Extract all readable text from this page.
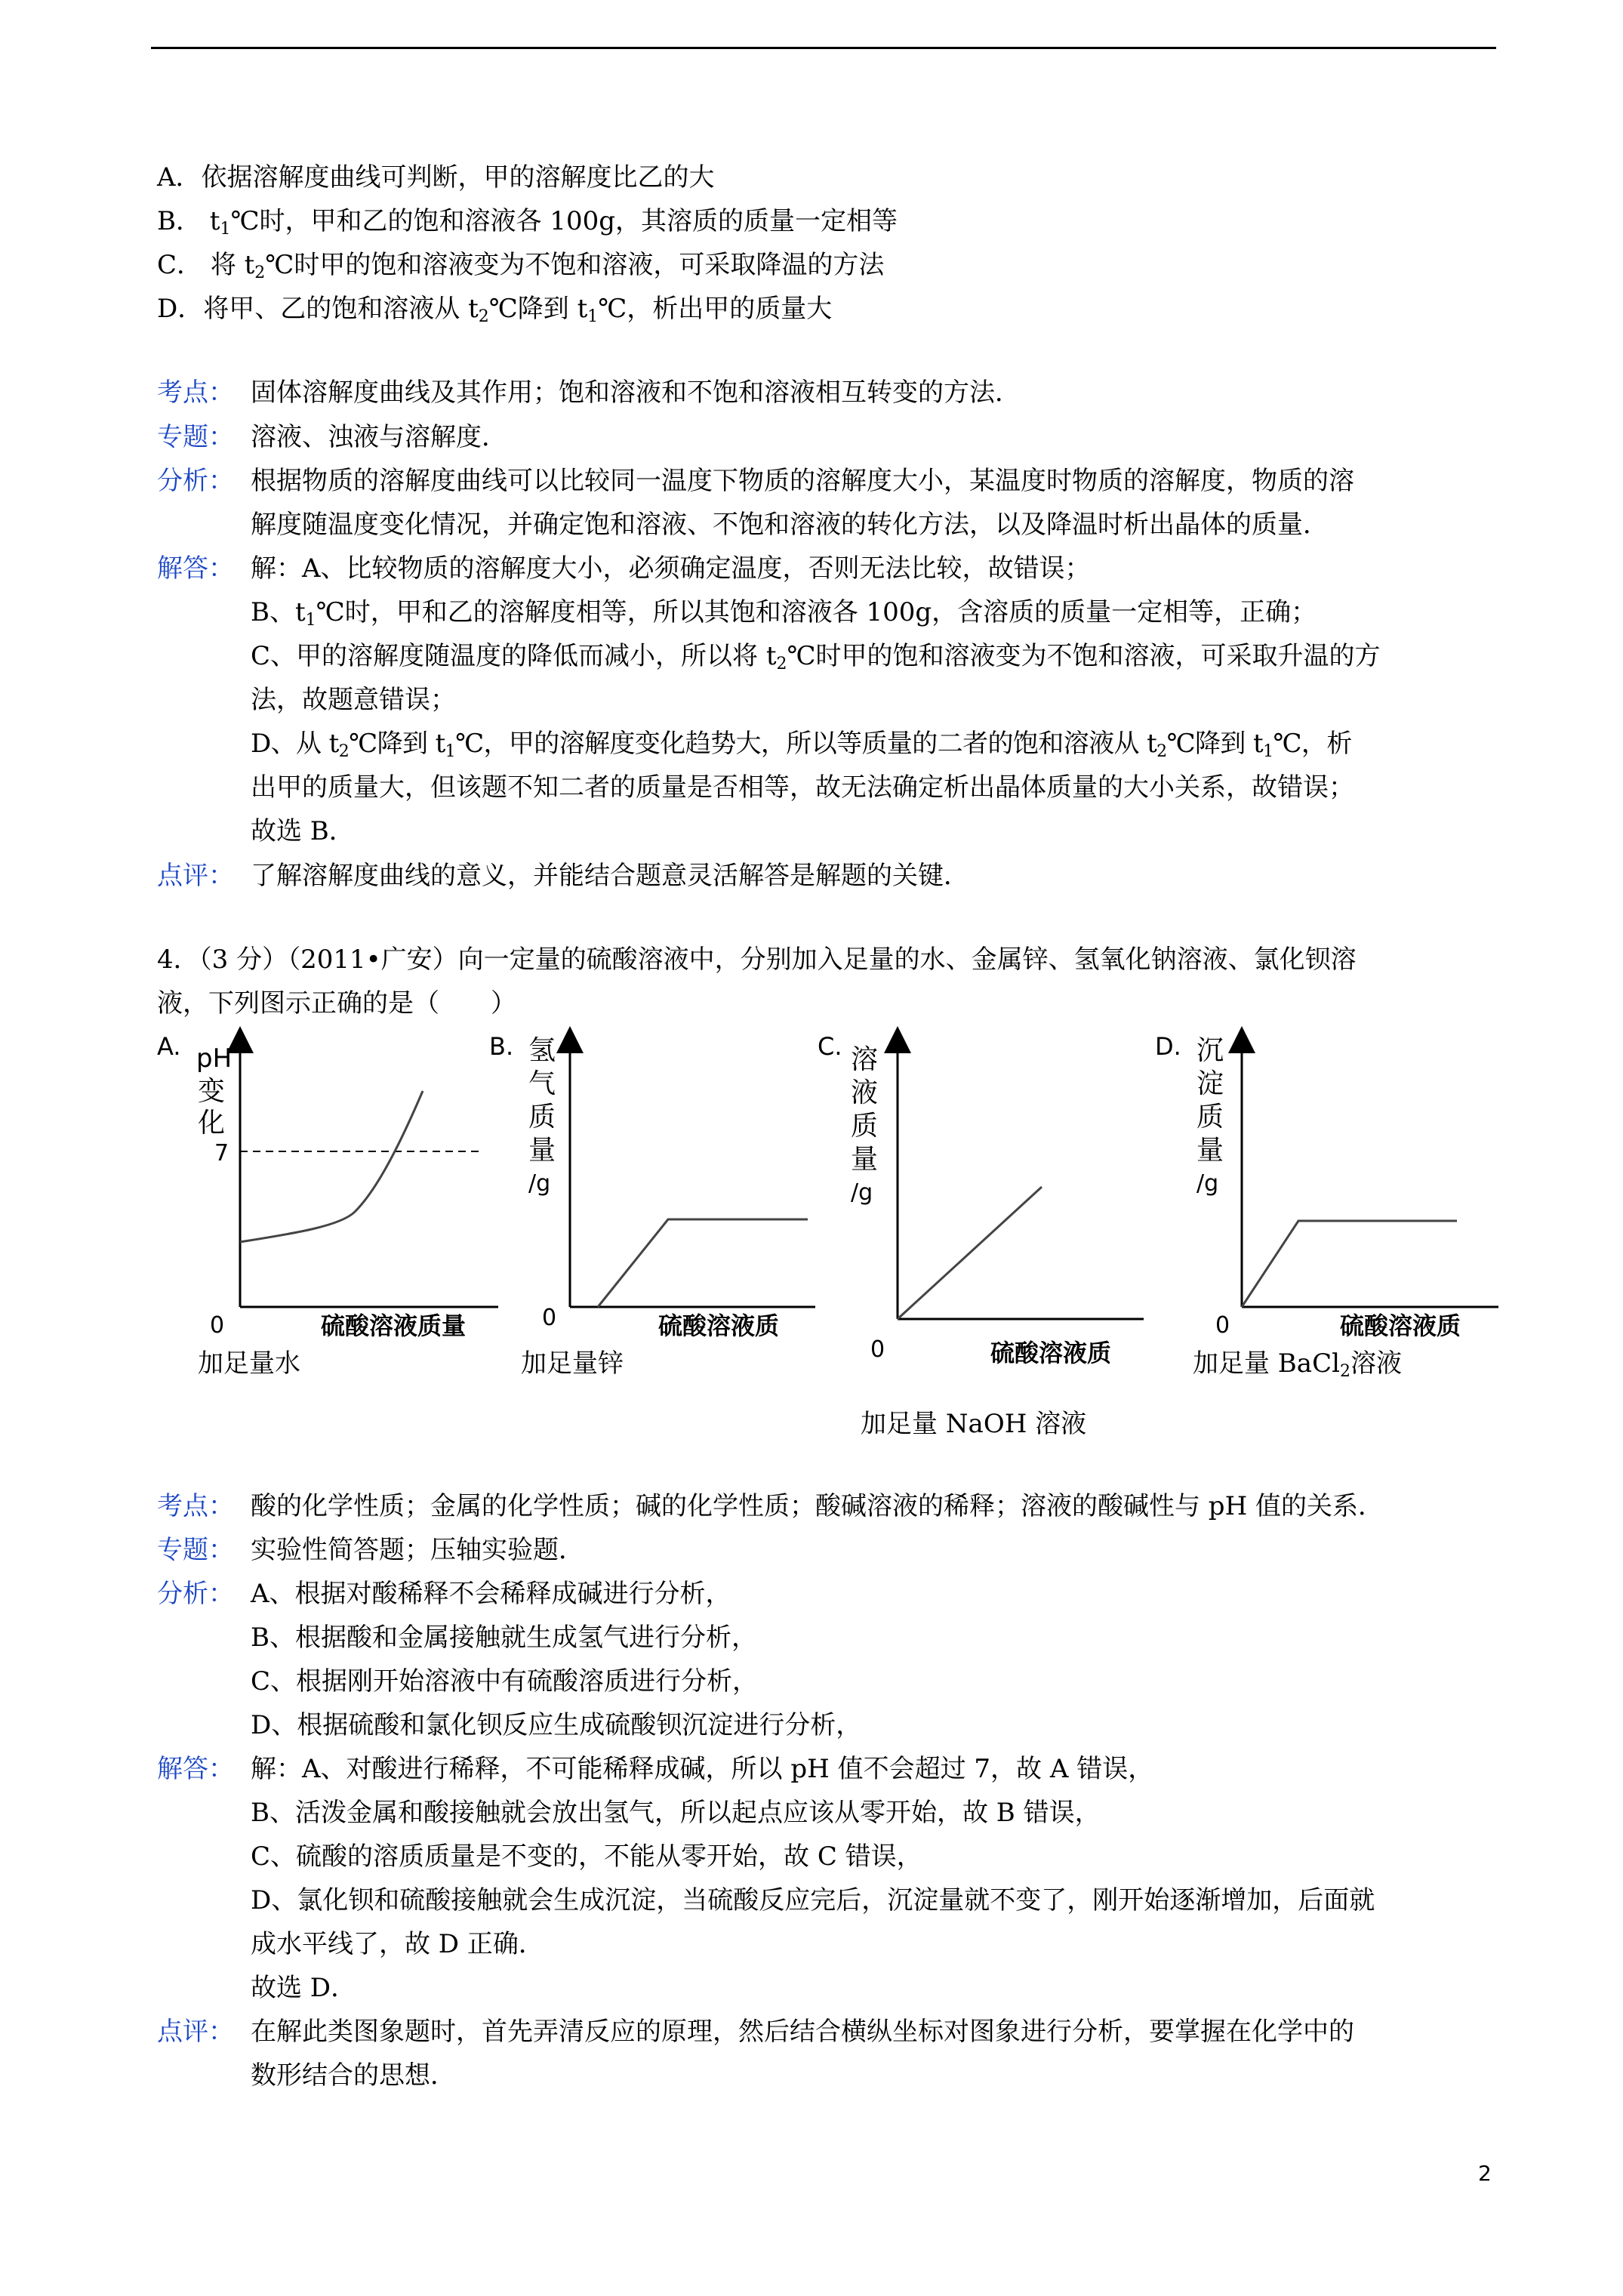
A．依据溶解度曲线可判断，甲的溶解度比乙的大
B． $t_1℃$时，甲和乙的饱和溶液各 100g，其溶质的质量一定相等
C． 将 $t_2℃$时甲的饱和溶液变为不饱和溶液，可采取降温的方法
D．将甲、乙的饱和溶液从 $t_2℃$降到 $t_1℃$，析出甲的质量大
考点： 固体溶解度曲线及其作用；饱和溶液和不饱和溶液相互转变的方法．
专题： 溶液、浊液与溶解度．
分析： 根据物质的溶解度曲线可以比较同一温度下物质的溶解度大小，某温度时物质的溶解度，物质的溶
解度随温度变化情况，并确定饱和溶液、不饱和溶液的转化方法，以及降温时析出晶体的质量．
解答： 解：A、比较物质的溶解度大小，必须确定温度，否则无法比较，故错误；
B、$t_1℃$时，甲和乙的溶解度相等，所以其饱和溶液各 100g，含溶质的质量一定相等，正确；
C、甲的溶解度随温度的降低而减小，所以将 $t_2℃$时甲的饱和溶液变为不饱和溶液，可采取升温的方
法，故题意错误；
D、从 $t_2℃$降到 $t_1℃$，甲的溶解度变化趋势大，所以等质量的二者的饱和溶液从 $t_2℃$降到 $t_1℃$，析
出甲的质量大，但该题不知二者的质量是否相等，故无法确定析出晶体质量的大小关系，故错误；
故选 B．
点评： 了解溶解度曲线的意义，并能结合题意灵活解答是解题的关键．
4．（3 分）（2011•广安）向一定量的硫酸溶液中，分别加入足量的水、金属锌、氢氧化钠溶液、氯化钡溶
液，下列图示正确的是（　　）
A. pH
变
化
7
0	硫酸溶液质量
加足量水
B. 氢
气
质
量
/g
0	硫酸溶液质
加足量锌
C. 溶
液
质
量
/g
0	硫酸溶液质
加足量 NaOH 溶液
D. 沉
淀
质
量
/g
0	硫酸溶液质
加足量 BaCl$_2$溶液
考点： 酸的化学性质；金属的化学性质；碱的化学性质；酸碱溶液的稀释；溶液的酸碱性与 pH 值的关系．
专题： 实验性简答题；压轴实验题．
分析： A、根据对酸稀释不会稀释成碱进行分析，
B、根据酸和金属接触就生成氢气进行分析，
C、根据刚开始溶液中有硫酸溶质进行分析，
D、根据硫酸和氯化钡反应生成硫酸钡沉淀进行分析，
解答： 解：A、对酸进行稀释，不可能稀释成碱，所以 pH 值不会超过 7，故 A 错误，
B、活泼金属和酸接触就会放出氢气，所以起点应该从零开始，故 B 错误，
C、硫酸的溶质质量是不变的，不能从零开始，故 C 错误，
D、氯化钡和硫酸接触就会生成沉淀，当硫酸反应完后，沉淀量就不变了，刚开始逐渐增加，后面就
成水平线了，故 D 正确．
故选 D．
点评： 在解此类图象题时，首先弄清反应的原理，然后结合横纵坐标对图象进行分析，要掌握在化学中的
数形结合的思想．
2
